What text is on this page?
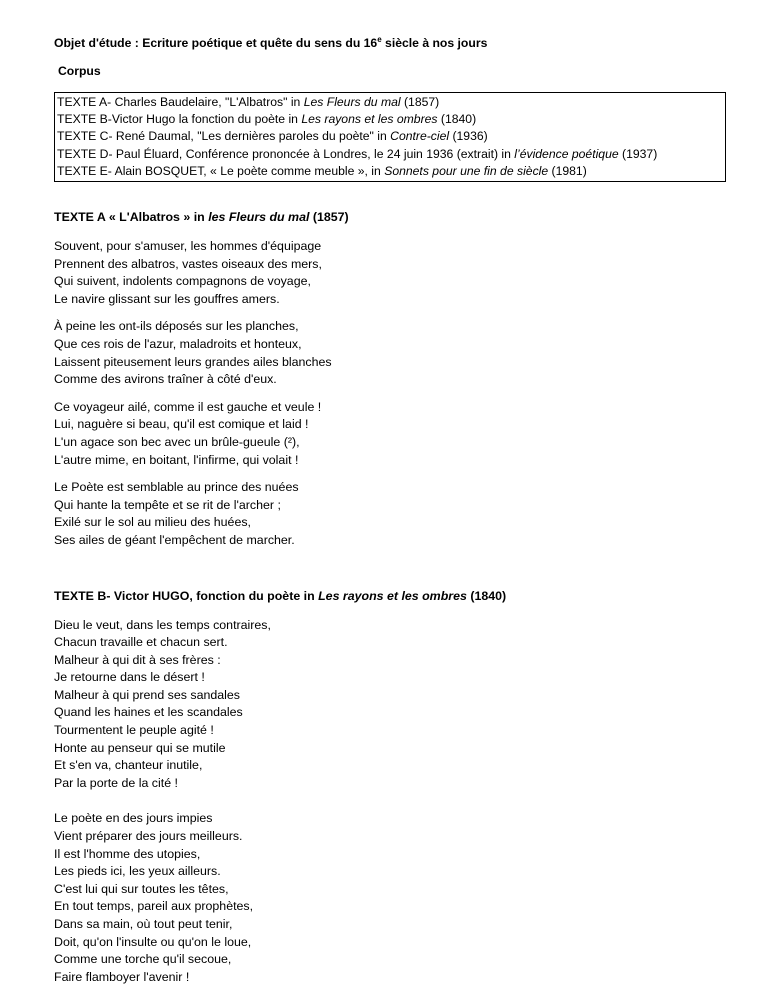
Objet d'étude : Ecriture poétique et quête du sens du 16e siècle à nos jours

Corpus

TEXTE A- Charles Baudelaire, "L'Albatros" in Les Fleurs du mal (1857)
TEXTE B-Victor Hugo la fonction du poète in Les rayons et les ombres (1840)
TEXTE C- René Daumal, "Les dernières paroles du poète" in Contre-ciel (1936)
TEXTE D- Paul Éluard, Conférence prononcée à Londres, le 24 juin 1936 (extrait) in l’évidence poétique (1937)
TEXTE E- Alain BOSQUET, « Le poète comme meuble », in Sonnets pour une fin de siècle (1981)

TEXTE A « L'Albatros » in les Fleurs du mal (1857)

Souvent, pour s'amuser, les hommes d'équipage
Prennent des albatros, vastes oiseaux des mers,
Qui suivent, indolents compagnons de voyage,
Le navire glissant sur les gouffres amers.
À peine les ont-ils déposés sur les planches,
Que ces rois de l'azur, maladroits et honteux,
Laissent piteusement leurs grandes ailes blanches
Comme des avirons traîner à côté d'eux.
Ce voyageur ailé, comme il est gauche et veule !
Lui, naguère si beau, qu'il est comique et laid !
L'un agace son bec avec un brûle-gueule (²),
L'autre mime, en boitant, l'infirme, qui volait !
Le Poète est semblable au prince des nuées
Qui hante la tempête et se rit de l'archer ;
Exilé sur le sol au milieu des huées,
Ses ailes de géant l'empêchent de marcher.

TEXTE B- Victor HUGO, fonction du poète in Les rayons et les ombres (1840)

Dieu le veut, dans les temps contraires,
Chacun travaille et chacun sert.
Malheur à qui dit à ses frères :
Je retourne dans le désert !
Malheur à qui prend ses sandales
Quand les haines et les scandales
Tourmentent le peuple agité !
Honte au penseur qui se mutile
Et s'en va, chanteur inutile,
Par la porte de la cité !
Le poète en des jours impies
Vient préparer des jours meilleurs.
Il est l'homme des utopies,
Les pieds ici, les yeux ailleurs.
C'est lui qui sur toutes les têtes,
En tout temps, pareil aux prophètes,
Dans sa main, où tout peut tenir,
Doit, qu'on l'insulte ou qu'on le loue,
Comme une torche qu'il secoue,
Faire flamboyer l'avenir !
